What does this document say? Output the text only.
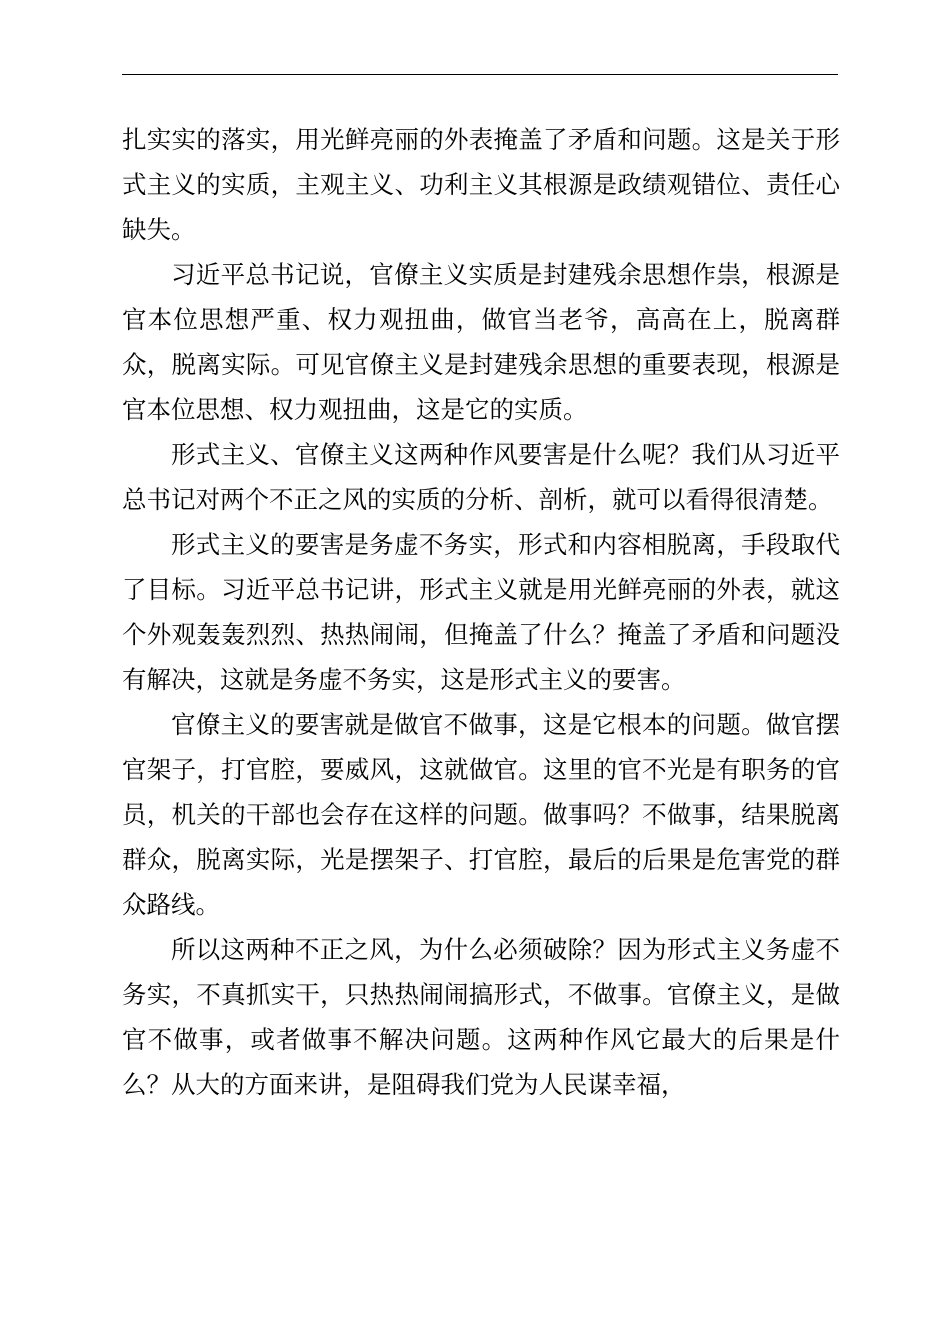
扎实实的落实，用光鲜亮丽的外表掩盖了矛盾和问题。这是关于形式主义的实质，主观主义、功利主义其根源是政绩观错位、责任心缺失。

习近平总书记说，官僚主义实质是封建残余思想作祟，根源是官本位思想严重、权力观扭曲，做官当老爷，高高在上，脱离群众，脱离实际。可见官僚主义是封建残余思想的重要表现，根源是官本位思想、权力观扭曲，这是它的实质。

形式主义、官僚主义这两种作风要害是什么呢？我们从习近平总书记对两个不正之风的实质的分析、剖析，就可以看得很清楚。

形式主义的要害是务虚不务实，形式和内容相脱离，手段取代了目标。习近平总书记讲，形式主义就是用光鲜亮丽的外表，就这个外观轰轰烈烈、热热闹闹，但掩盖了什么？掩盖了矛盾和问题没有解决，这就是务虚不务实，这是形式主义的要害。

官僚主义的要害就是做官不做事，这是它根本的问题。做官摆官架子，打官腔，要威风，这就做官。这里的官不光是有职务的官员，机关的干部也会存在这样的问题。做事吗？不做事，结果脱离群众，脱离实际，光是摆架子、打官腔，最后的后果是危害党的群众路线。

所以这两种不正之风，为什么必须破除？因为形式主义务虚不务实，不真抓实干，只热热闹闹搞形式，不做事。官僚主义，是做官不做事，或者做事不解决问题。这两种作风它最大的后果是什么？从大的方面来讲，是阻碍我们党为人民谋幸福，
